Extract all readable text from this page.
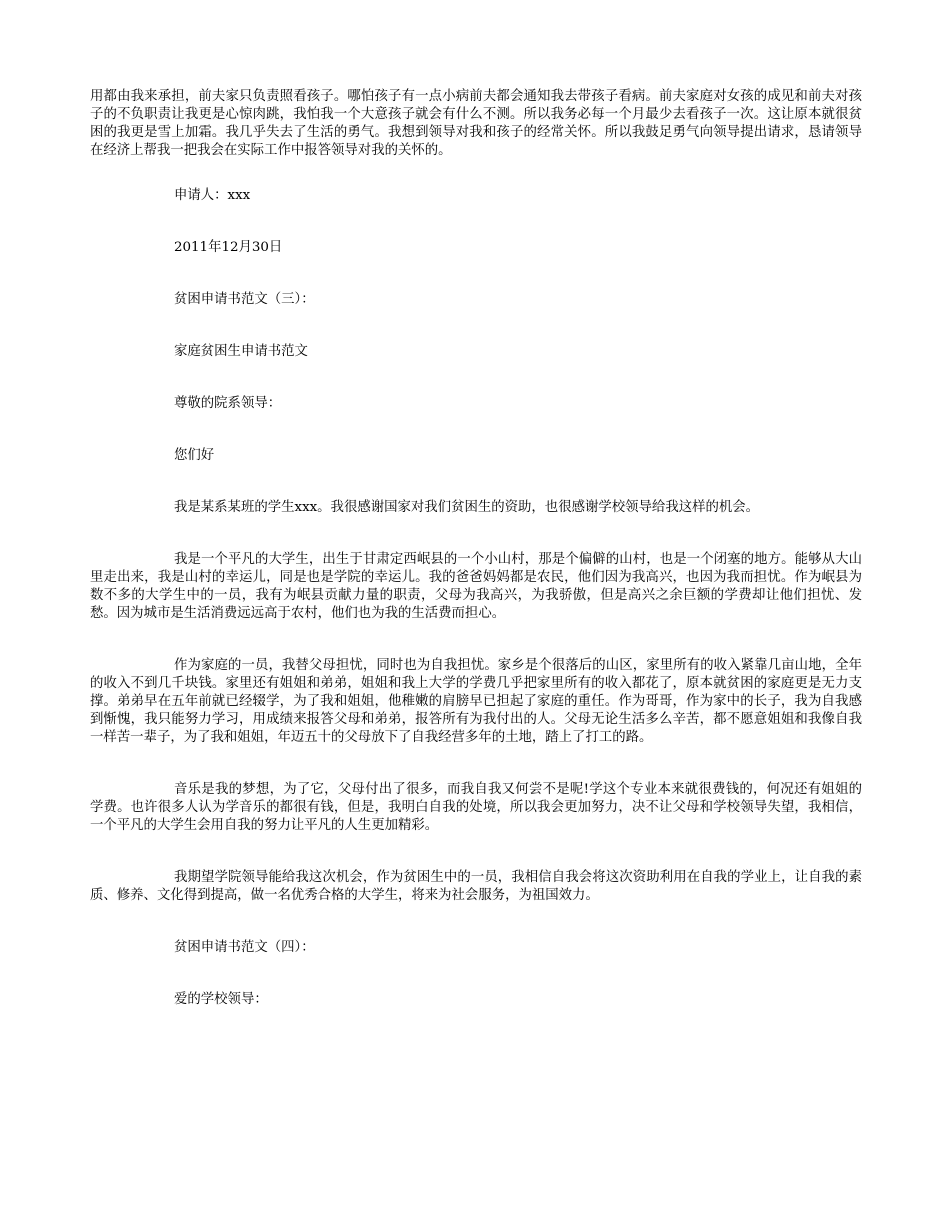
用都由我来承担，前夫家只负责照看孩子。哪怕孩子有一点小病前夫都会通知我去带孩子看病。前夫家庭对女孩的成见和前夫对孩子的不负职责让我更是心惊肉跳，我怕我一个大意孩子就会有什么不测。所以我务必每一个月最少去看孩子一次。这让原本就很贫困的我更是雪上加霜。我几乎失去了生活的勇气。我想到领导对我和孩子的经常关怀。所以我鼓足勇气向领导提出请求，恳请领导在经济上帮我一把我会在实际工作中报答领导对我的关怀的。

申请人：xxx

2011年12月30日

贫困申请书范文（三）：

家庭贫困生申请书范文

尊敬的院系领导：

您们好

我是某系某班的学生xxx。我很感谢国家对我们贫困生的资助，也很感谢学校领导给我这样的机会。

我是一个平凡的大学生，出生于甘肃定西岷县的一个小山村，那是个偏僻的山村，也是一个闭塞的地方。能够从大山里走出来，我是山村的幸运儿，同是也是学院的幸运儿。我的爸爸妈妈都是农民，他们因为我高兴，也因为我而担忧。作为岷县为数不多的大学生中的一员，我有为岷县贡献力量的职责，父母为我高兴，为我骄傲，但是高兴之余巨额的学费却让他们担忧、发愁。因为城市是生活消费远远高于农村，他们也为我的生活费而担心。

作为家庭的一员，我替父母担忧，同时也为自我担忧。家乡是个很落后的山区，家里所有的收入紧靠几亩山地，全年的收入不到几千块钱。家里还有姐姐和弟弟，姐姐和我上大学的学费几乎把家里所有的收入都花了，原本就贫困的家庭更是无力支撑。弟弟早在五年前就已经辍学，为了我和姐姐，他稚嫩的肩膀早已担起了家庭的重任。作为哥哥，作为家中的长子，我为自我感到惭愧，我只能努力学习，用成绩来报答父母和弟弟，报答所有为我付出的人。父母无论生活多么辛苦，都不愿意姐姐和我像自我一样苦一辈子，为了我和姐姐，年迈五十的父母放下了自我经营多年的土地，踏上了打工的路。

音乐是我的梦想，为了它，父母付出了很多，而我自我又何尝不是呢!学这个专业本来就很费钱的，何况还有姐姐的学费。也许很多人认为学音乐的都很有钱，但是，我明白自我的处境，所以我会更加努力，决不让父母和学校领导失望，我相信，一个平凡的大学生会用自我的努力让平凡的人生更加精彩。

我期望学院领导能给我这次机会，作为贫困生中的一员，我相信自我会将这次资助利用在自我的学业上，让自我的素质、修养、文化得到提高，做一名优秀合格的大学生，将来为社会服务，为祖国效力。

贫困申请书范文（四）：

爱的学校领导：
